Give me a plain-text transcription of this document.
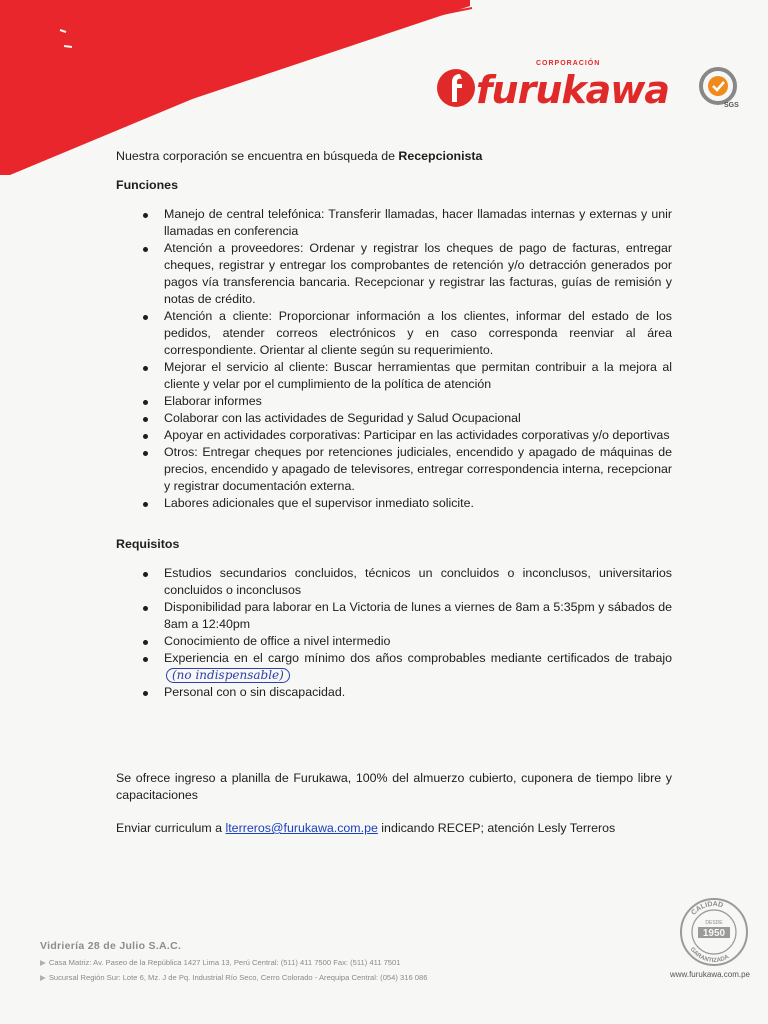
CORPORACIÓN
furukawa	SGS

Nuestra corporación se encuentra en búsqueda de Recepcionista

Funciones
Manejo de central telefónica: Transferir llamadas, hacer llamadas internas y externas y unir llamadas en conferencia
Atención a proveedores: Ordenar y registrar los cheques de pago de facturas, entregar cheques, registrar y entregar los comprobantes de retención y/o detracción generados por pagos vía transferencia bancaria. Recepcionar y registrar las facturas, guías de remisión y notas de crédito.
Atención a cliente: Proporcionar información a los clientes, informar del estado de los pedidos, atender correos electrónicos y en caso corresponda reenviar al área correspondiente. Orientar al cliente según su requerimiento.
Mejorar el servicio al cliente: Buscar herramientas que permitan contribuir a la mejora al cliente y velar por el cumplimiento de la política de atención
Elaborar informes
Colaborar con las actividades de Seguridad y Salud Ocupacional
Apoyar en actividades corporativas: Participar en las actividades corporativas y/o deportivas
Otros: Entregar cheques por retenciones judiciales, encendido y apagado de máquinas de precios, encendido y apagado de televisores, entregar correspondencia interna, recepcionar y registrar documentación externa.
Labores adicionales que el supervisor inmediato solicite.
Requisitos
Estudios secundarios concluidos, técnicos un concluidos o inconclusos, universitarios concluidos o inconclusos
Disponibilidad para laborar en La Victoria de lunes a viernes de 8am a 5:35pm y sábados de 8am a 12:40pm
Conocimiento de office a nivel intermedio
Experiencia en el cargo mínimo dos años comprobables mediante certificados de trabajo (no indispensable)
Personal con o sin discapacidad.
Se ofrece ingreso a planilla de Furukawa, 100% del almuerzo cubierto, cuponera de tiempo libre y capacitaciones
Enviar curriculum a lterreros@furukawa.com.pe indicando RECEP; atención Lesly Terreros
Vidriería 28 de Julio S.A.C.
▶ Casa Matriz: Av. Paseo de la República 1427 Lima 13, Perú Central: (511) 411 7500 Fax: (511) 411 7501
▶ Sucursal Región Sur: Lote 6, Mz. J de Pq. Industrial Río Seco, Cerro Colorado - Arequipa Central: (054) 316 086	www.furukawa.com.pe
CALIDAD
GARANTIZADA
DESDE
1950
